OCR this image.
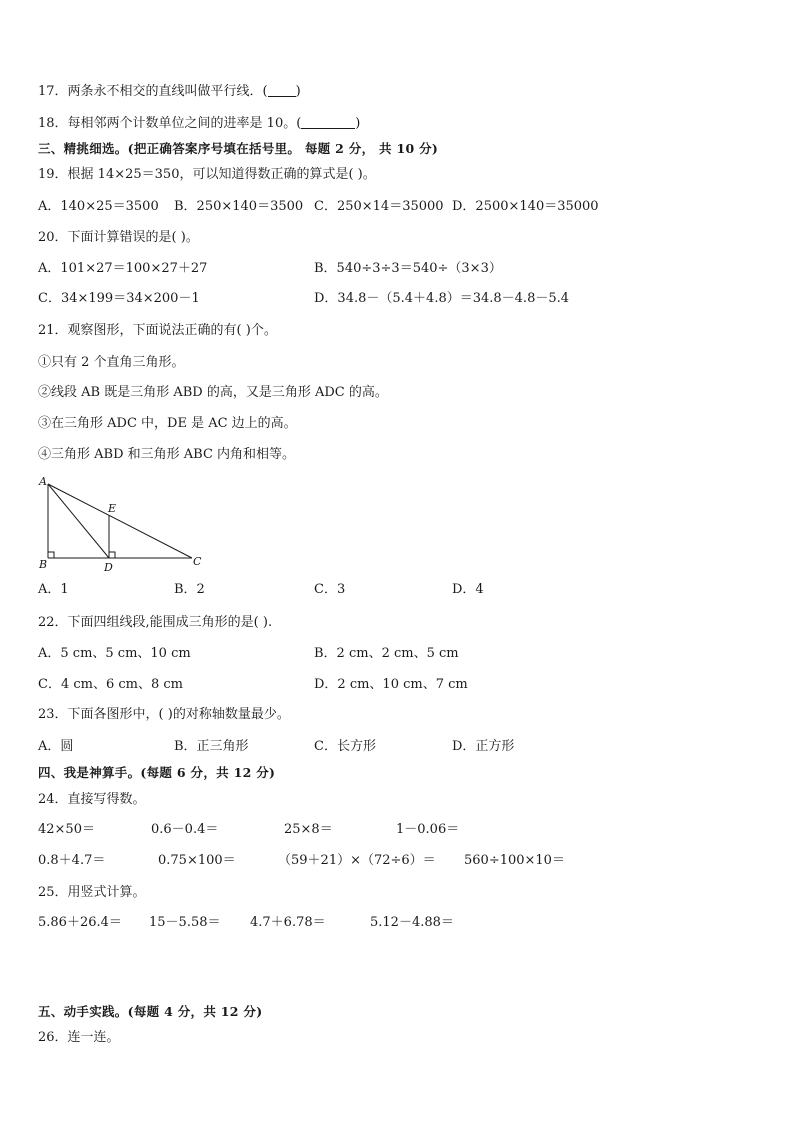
17．两条永不相交的直线叫做平行线．( )
18．每相邻两个计数单位之间的进率是 10。(	)
三、精挑细选。(把正确答案序号填在括号里。 每题 2 分， 共 10 分)
19．根据 14×25＝350，可以知道得数正确的算式是( )。
A．140×25＝3500 B．250×140＝3500 C．250×14＝35000 D．2500×140＝35000
20．下面计算错误的是( )。
A．101×27＝100×27＋27	B．540÷3÷3＝540÷（3×3）
C．34×199＝34×200－1	D．34.8－（5.4＋4.8）＝34.8－4.8－5.4
21．观察图形，下面说法正确的有( )个。
①只有 2 个直角三角形。
②线段 AB 既是三角形 ABD 的高，又是三角形 ADC 的高。
③在三角形 ADC 中，DE 是 AC 边上的高。
④三角形 ABD 和三角形 ABC 内角和相等。
A
B	C
D
E
A．1	B．2	C．3	D．4
22．下面四组线段,能围成三角形的是( ).
A．5 cm、5 cm、10 cm	B．2 cm、2 cm、5 cm
C．4 cm、6 cm、8 cm	D．2 cm、10 cm、7 cm
23．下面各图形中，( )的对称轴数量最少。
A．圆	B．正三角形	C．长方形	D．正方形
四、我是神算手。(每题 6 分，共 12 分)
24．直接写得数。
42×50＝	0.6－0.4＝	25×8＝	1－0.06＝
0.8＋4.7＝	0.75×100＝	（59＋21）×（72÷6）＝ 560÷100×10＝
25．用竖式计算。
5.86＋26.4＝ 15－5.58＝ 4.7＋6.78＝	5.12－4.88＝
五、动手实践。(每题 4 分，共 12 分)
26．连一连。
